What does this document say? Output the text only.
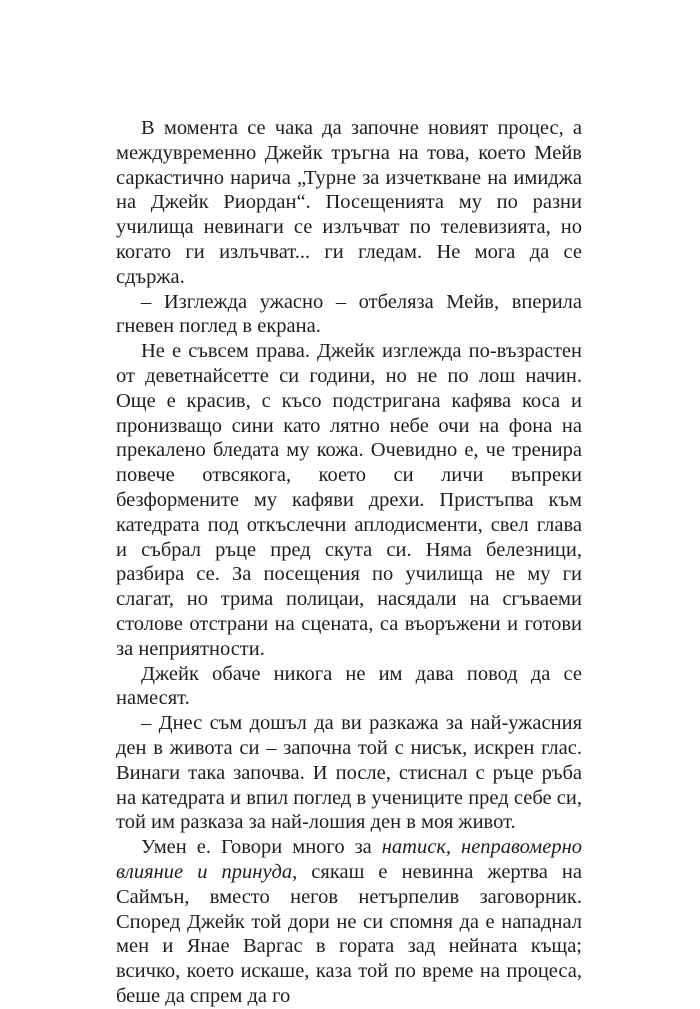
В момента се чака да започне новият процес, а междувременно Джейк тръгна на това, което Мейв саркастично нарича „Турне за изчеткване на имиджа на Джейк Риордан“. Посещенията му по разни училища невинаги се излъчват по телевизията, но когато ги излъчват... ги гледам. Не мога да се сдържа.

– Изглежда ужасно – отбеляза Мейв, вперила гневен поглед в екрана.

Не е съвсем права. Джейк изглежда по-възрастен от деветнайсетте си години, но не по лош начин. Още е красив, с късо подстригана кафява коса и пронизващо сини като лятно небе очи на фона на прекалено бледата му кожа. Очевидно е, че тренира повече отвсякога, което си личи въпреки безформените му кафяви дрехи. Пристъпва към катедрата под откъслечни аплодисменти, свел глава и събрал ръце пред скута си. Няма белезници, разбира се. За посещения по училища не му ги слагат, но трима полицаи, насядали на сгъваеми столове отстрани на сцената, са въоръжени и готови за неприятности.

Джейк обаче никога не им дава повод да се намесят.

– Днес съм дошъл да ви разкажа за най-ужасния ден в живота си – започна той с нисък, искрен глас. Винаги така започва. И после, стиснал с ръце ръба на катедрата и впил поглед в учениците пред себе си, той им разказа за най-лошия ден в моя живот.

Умен е. Говори много за натиск, неправомерно влияние и принуда, сякаш е невинна жертва на Саймън, вместо негов нетърпелив заговорник. Според Джейк той дори не си спомня да е нападнал мен и Янае Варгас в гората зад нейната къща; всичко, което искаше, каза той по време на процеса, беше да спрем да го
